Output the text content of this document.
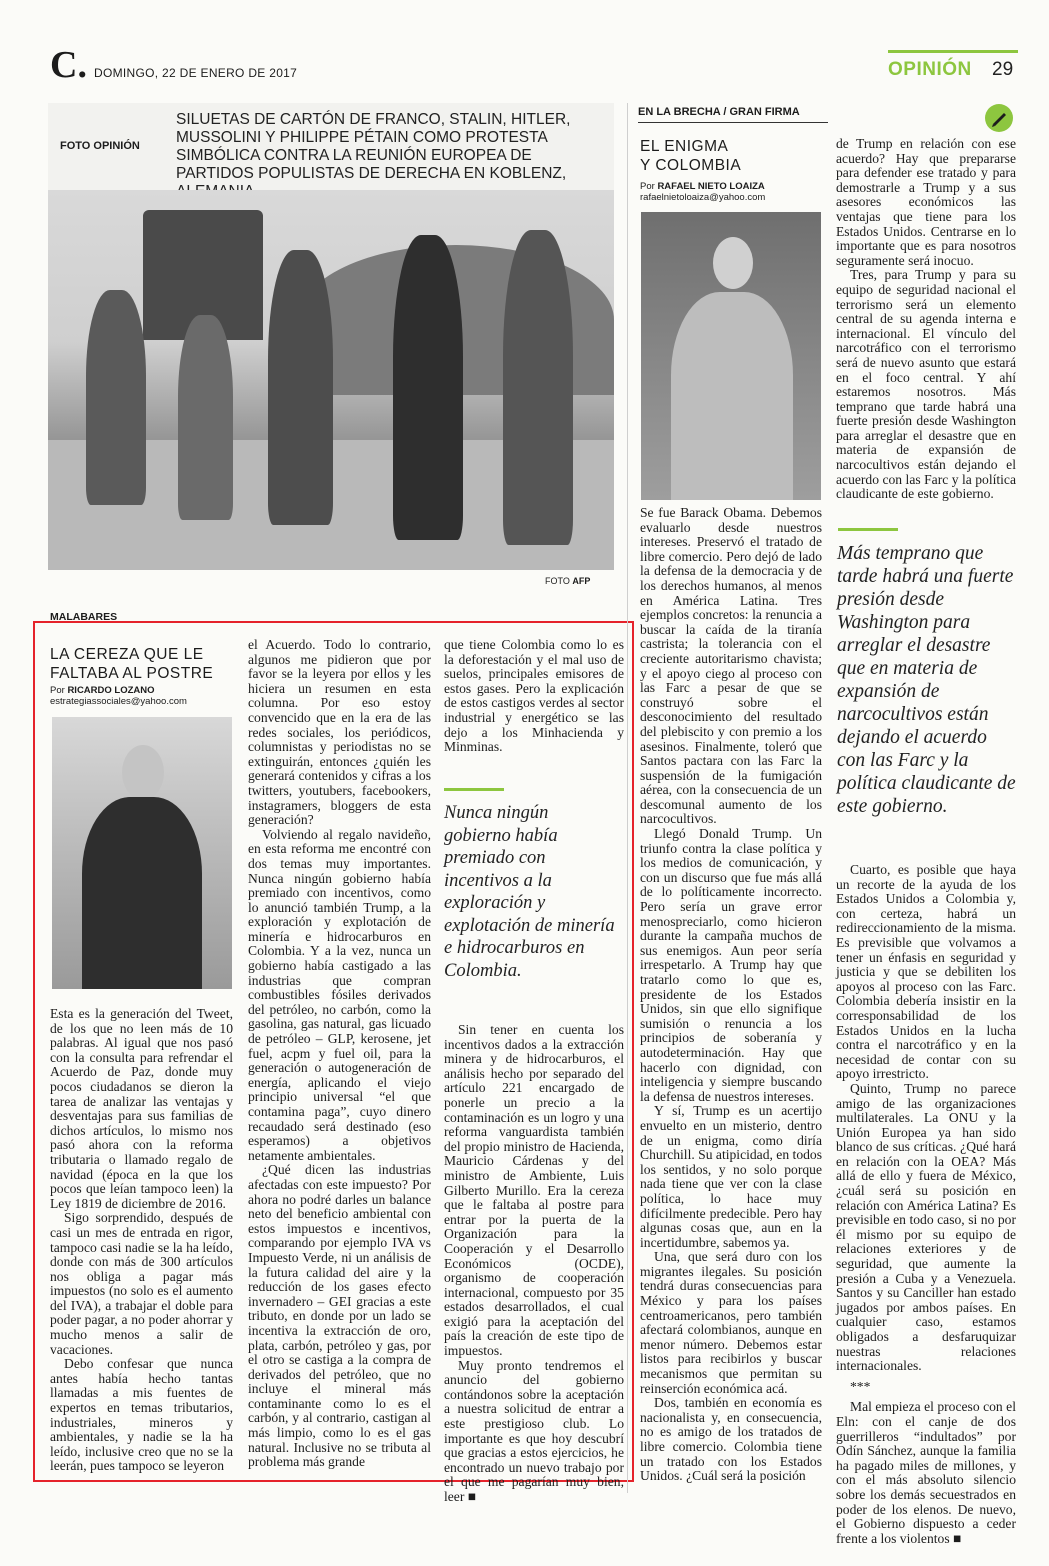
C. DOMINGO, 22 DE ENERO DE 2017	OPINIÓN 29
FOTO OPINIÓN
SILUETAS DE CARTÓN DE FRANCO, STALIN, HITLER, MUSSOLINI Y PHILIPPE PÉTAIN COMO PROTESTA SIMBÓLICA CONTRA LA REUNIÓN EUROPEA DE PARTIDOS POPULISTAS DE DERECHA EN KOBLENZ,
FOTO AFP
MALABARES
LA CEREZA QUE LE
FALTABA AL POSTRE
Por RICARDO LOZANO
estrategiassociales@yahoo.com

Esta es la generación del Tweet, de los que no leen más de 10 palabras. Al igual que nos pasó con la consulta para refrendar el Acuerdo de Paz, donde muy pocos ciudadanos se dieron la tarea de analizar las ventajas y desventajas para sus familias de dichos artículos, lo mismo nos pasó ahora con la reforma tributaria o llamado regalo de navidad (época en la que los pocos que leían tampoco leen) la Ley 1819 de diciembre de 2016.

Sigo sorprendido, después de casi un mes de entrada en rigor, tampoco casi nadie se la ha leído, donde con más de 300 artículos nos obliga a pagar más impuestos (no solo es el aumento del IVA), a trabajar el doble para poder pagar, a no poder ahorrar y mucho menos a salir de vacaciones.

Debo confesar que nunca antes había hecho tantas llamadas a mis fuentes de expertos en temas tributarios, industriales, mineros y ambientales, y nadie se la ha leído, inclusive creo que no se la leerán, pues tampoco se leyeron

el Acuerdo. Todo lo contrario, algunos me pidieron que por favor se la leyera por ellos y les hiciera un resumen en esta columna. Por eso estoy convencido que en la era de las redes sociales, los periódicos, columnistas y periodistas no se extinguirán, entonces ¿quién les generará contenidos y cifras a los twitters, youtubers, facebookers, instagramers, bloggers de esta generación?

Volviendo al regalo navideño, en esta reforma me encontré con dos temas muy importantes. Nunca ningún gobierno había premiado con incentivos, como lo anunció también Trump, a la exploración y explotación de minería e hidrocarburos en Colombia. Y a la vez, nunca un gobierno había castigado a las industrias que compran combustibles fósiles derivados del petróleo, no carbón, como la gasolina, gas natural, gas licuado de petróleo – GLP, kerosene, jet fuel, acpm y fuel oil, para la generación o autogeneración de energía, aplicando el viejo principio universal “el que contamina paga”, cuyo dinero recaudado será destinado (eso esperamos) a objetivos netamente ambientales.

¿Qué dicen las industrias afectadas con este impuesto? Por ahora no podré darles un balance neto del beneficio ambiental con estos impuestos e incentivos, comparando por ejemplo IVA vs Impuesto Verde, ni un análisis de la futura calidad del aire y la reducción de los gases efecto invernadero – GEI gracias a este tributo, en donde por un lado se incentiva la extracción de oro, plata, carbón, petróleo y gas, por el otro se castiga a la compra de derivados del petróleo, que no incluye el mineral más contaminante como lo es el carbón, y al contrario, castigan al más limpio, como lo es el gas natural. Inclusive no se tributa al problema más grande

que tiene Colombia como lo es la deforestación y el mal uso de suelos, principales emisores de estos gases. Pero la explicación de estos castigos verdes al sector industrial y energético se las dejo a los Minhacienda y Minminas.

Nunca ningún gobierno había premiado con incentivos a la exploración y explotación de minería e hidrocarburos en Colombia.

Sin tener en cuenta los incentivos dados a la extracción minera y de hidrocarburos, el análisis hecho por separado del artículo 221 encargado de ponerle un precio a la contaminación es un logro y una reforma vanguardista también del propio ministro de Hacienda, Mauricio Cárdenas y del ministro de Ambiente, Luis Gilberto Murillo. Era la cereza que le faltaba al postre para entrar por la puerta de la Organización para la Cooperación y el Desarrollo Económicos (OCDE), organismo de cooperación internacional, compuesto por 35 estados desarrollados, el cual exigió para la aceptación del país la creación de este tipo de impuestos.

Muy pronto tendremos el anuncio del gobierno contándonos sobre la aceptación a nuestra solicitud de entrar a este prestigioso club. Lo importante es que hoy descubrí que gracias a estos ejercicios, he encontrado un nuevo trabajo por el que me pagarían muy bien, leer ■

EN LA BRECHA / GRAN FIRMA
EL ENIGMA
Y COLOMBIA
Por RAFAEL NIETO LOAIZA
rafaelnietoloaiza@yahoo.com

Se fue Barack Obama. Debemos evaluarlo desde nuestros intereses. Preservó el tratado de libre comercio. Pero dejó de lado la defensa de la democracia y de los derechos humanos, al menos en América Latina. Tres ejemplos concretos: la renuncia a buscar la caída de la tiranía castrista; la tolerancia con el creciente autoritarismo chavista; y el apoyo ciego al proceso con las Farc a pesar de que se construyó sobre el desconocimiento del resultado del plebiscito y con premio a los asesinos. Finalmente, toleró que Santos pactara con las Farc la suspensión de la fumigación aérea, con la consecuencia de un descomunal aumento de los narcocultivos.

Llegó Donald Trump. Un triunfo contra la clase política y los medios de comunicación, y con un discurso que fue más allá de lo políticamente incorrecto. Pero sería un grave error menospreciarlo, como hicieron durante la campaña muchos de sus enemigos. Aun peor sería irrespetarlo. A Trump hay que tratarlo como lo que es, presidente de los Estados Unidos, sin que ello signifique sumisión o renuncia a los principios de soberanía y autodeterminación. Hay que hacerlo con dignidad, con inteligencia y siempre buscando la defensa de nuestros intereses.

Y sí, Trump es un acertijo envuelto en un misterio, dentro de un enigma, como diría Churchill. Su atipicidad, en todos los sentidos, y no solo porque nada tiene que ver con la clase política, lo hace muy difícilmente predecible. Pero hay algunas cosas que, aun en la incertidumbre, sabemos ya.

Una, que será duro con los migrantes ilegales. Su posición tendrá duras consecuencias para México y para los países centroamericanos, pero también afectará colombianos, aunque en menor número. Debemos estar listos para recibirlos y buscar mecanismos que permitan su reinserción económica acá.

Dos, también en economía es nacionalista y, en consecuencia, no es amigo de los tratados de libre comercio. Colombia tiene un tratado con los Estados Unidos. ¿Cuál será la posición

de Trump en relación con ese acuerdo? Hay que prepararse para defender ese tratado y para demostrarle a Trump y a sus asesores económicos las ventajas que tiene para los Estados Unidos. Centrarse en lo importante que es para nosotros seguramente será inocuo.

Tres, para Trump y para su equipo de seguridad nacional el terrorismo será un elemento central de su agenda interna e internacional. El vínculo del narcotráfico con el terrorismo será de nuevo asunto que estará en el foco central. Y ahí estaremos nosotros. Más temprano que tarde habrá una fuerte presión desde Washington para arreglar el desastre que en materia de expansión de narcocultivos están dejando el acuerdo con las Farc y la política claudicante de este gobierno.

Más temprano que tarde habrá una fuerte presión desde Washington para arreglar el desastre que en materia de expansión de narcocultivos están dejando el acuerdo con las Farc y la política claudicante de este gobierno.

Cuarto, es posible que haya un recorte de la ayuda de los Estados Unidos a Colombia y, con certeza, habrá un redireccionamiento de la misma. Es previsible que volvamos a tener un énfasis en seguridad y justicia y que se debiliten los apoyos al proceso con las Farc. Colombia debería insistir en la corresponsabilidad de los Estados Unidos en la lucha contra el narcotráfico y en la necesidad de contar con su apoyo irrestricto.

Quinto, Trump no parece amigo de las organizaciones multilaterales. La ONU y la Unión Europea ya han sido blanco de sus críticas. ¿Qué hará en relación con la OEA? Más allá de ello y fuera de México, ¿cuál será su posición en relación con América Latina? Es previsible en todo caso, si no por él mismo por su equipo de relaciones exteriores y de seguridad, que aumente la presión a Cuba y a Venezuela. Santos y su Canciller han estado jugados por ambos países. En cualquier caso, estamos obligados a desfaruquizar nuestras relaciones internacionales.

***

Mal empieza el proceso con el Eln: con el canje de dos guerrilleros “indultados” por Odín Sánchez, aunque la familia ha pagado miles de millones, y con el más absoluto silencio sobre los demás secuestrados en poder de los elenos. De nuevo, el Gobierno dispuesto a ceder frente a los violentos ■
